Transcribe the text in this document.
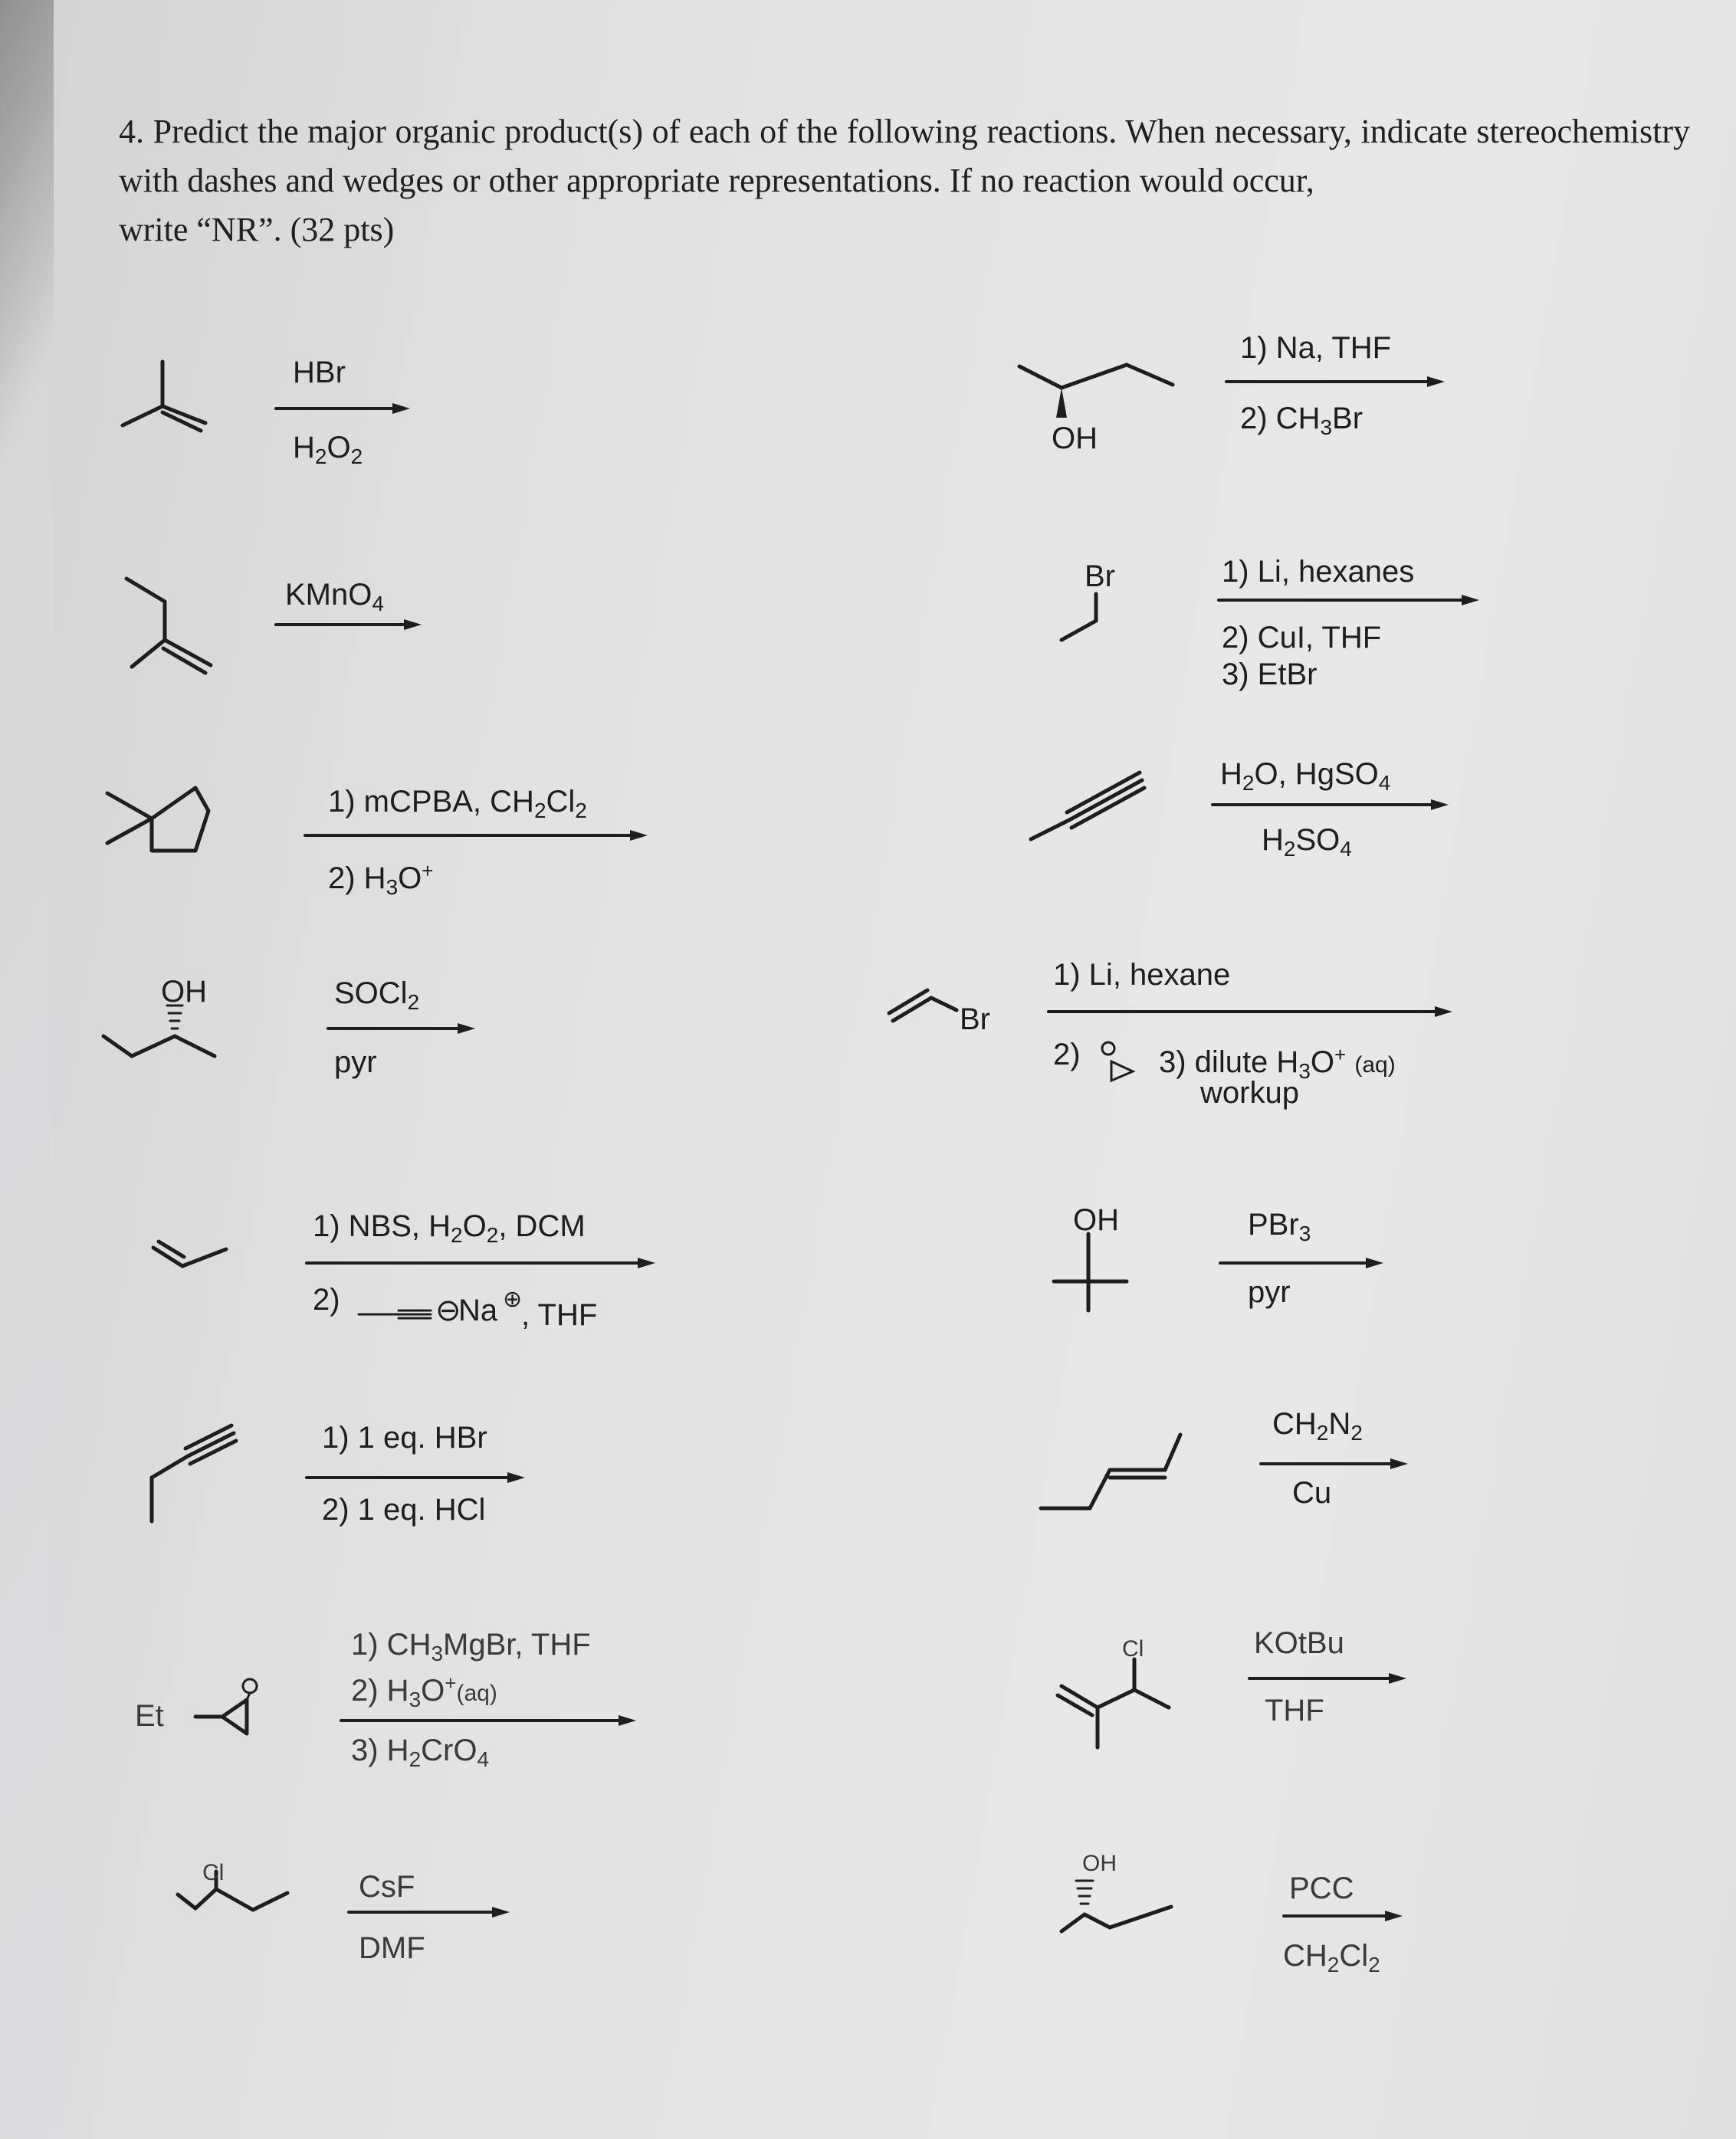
4. Predict the major organic product(s) of each of the following reactions. When necessary, indicate stereochemistry with dashes and wedges or other appropriate representations. If no reaction would occur,
write “NR”. (32 pts)

OH
Br
OH
Br
OH
Et
Cl
Cl
OH
HBr
$H_2O_2$
1) Na, THF
2) $CH_3Br$
KMnO$_4$
1) Li, hexanes
2) CuI, THF
3) EtBr
1) mCPBA, $CH_2Cl_2$
2) $H_3O^+$
$H_2O$, HgSO$_4$
$H_2SO_4$
SOCl$_2$
pyr
1) Li, hexane
2)	3) dilute $H_3O^+$ (aq)
workup
1) NBS, $H_2O_2$, DCM
2)	⊖
Na ⊕
, THF
PBr$_3$
pyr
1) 1 eq. HBr
2) 1 eq. HCl
$CH_2N_2$
Cu
1) $CH_3MgBr$, THF
2) $H_3O^+(aq)$
3) $H_2CrO_4$
KOtBu
THF
CsF
DMF
PCC
$CH_2Cl_2$
